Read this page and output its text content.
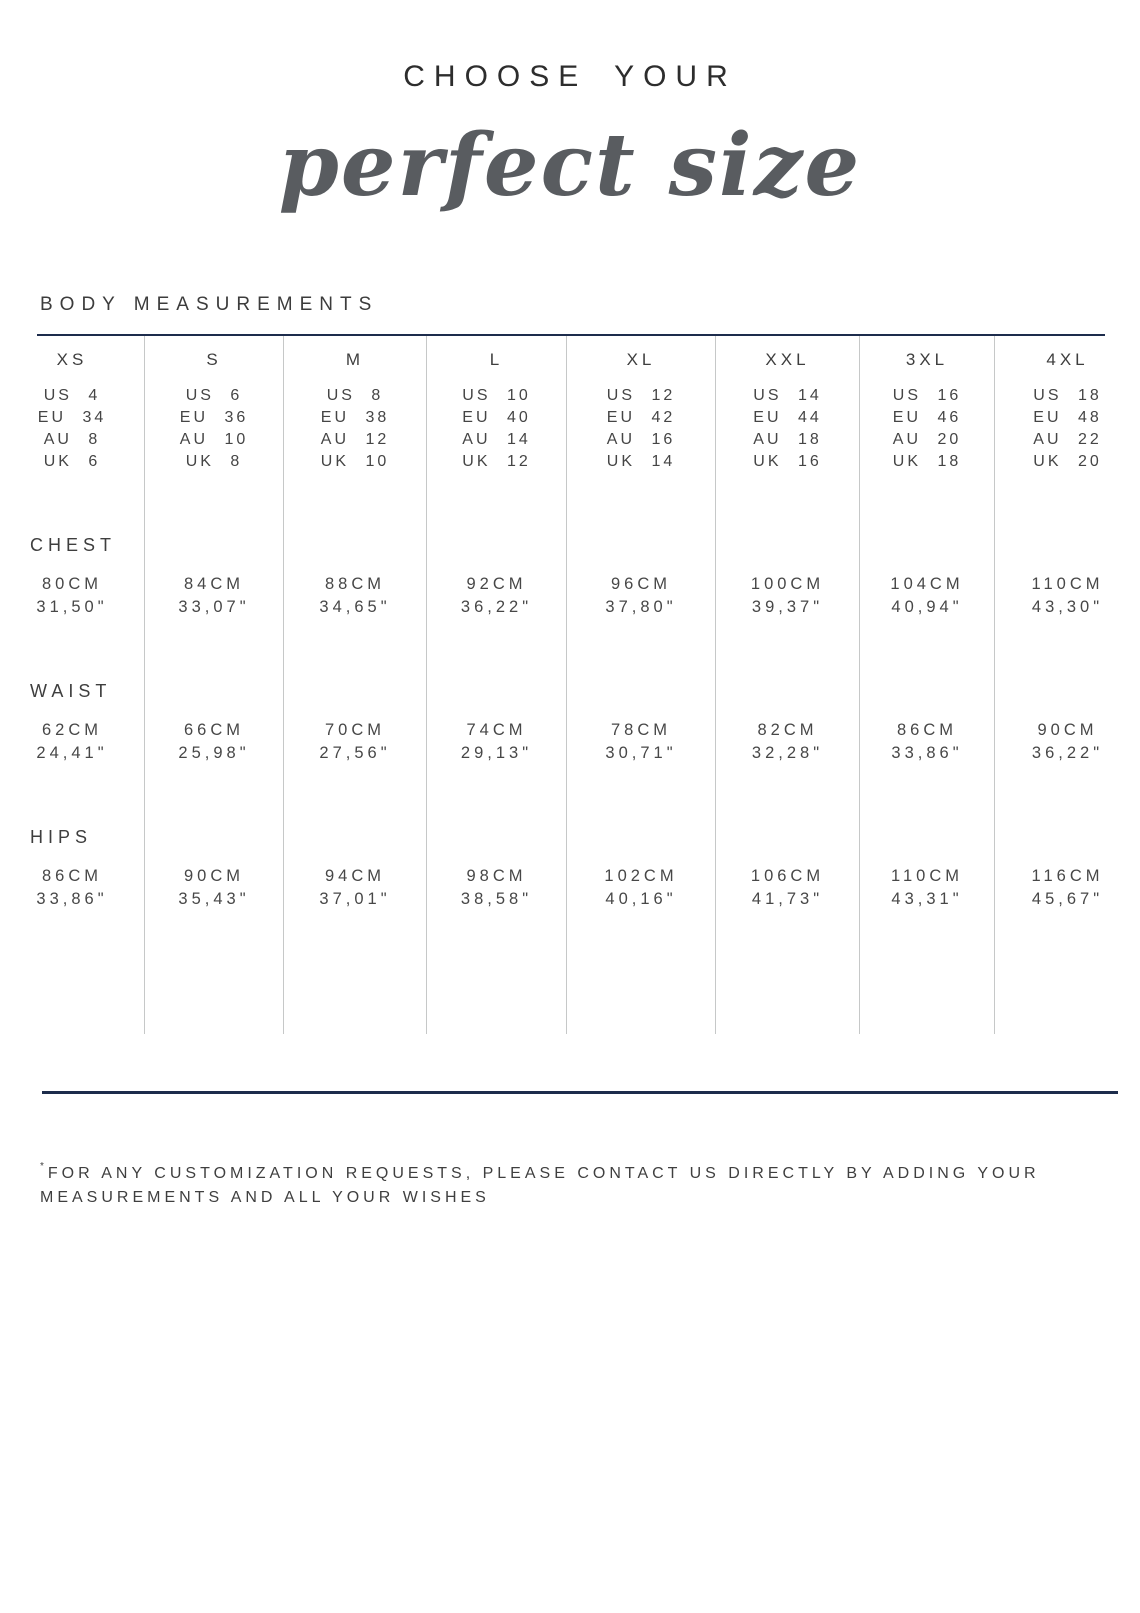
CHOOSE YOUR
perfect size
BODY MEASUREMENTS
XS
US 4
EU 34
AU 8
UK 6
CHEST
80CM
31,50"
WAIST
62CM
24,41"
HIPS
86CM
33,86"
S
US 6
EU 36
AU 10
UK 8
84CM
33,07"
66CM
25,98"
90CM
35,43"
M
US 8
EU 38
AU 12
UK 10
88CM
34,65"
70CM
27,56"
94CM
37,01"
L
US 10
EU 40
AU 14
UK 12
92CM
36,22"
74CM
29,13"
98CM
38,58"
XL
US 12
EU 42
AU 16
UK 14
96CM
37,80"
78CM
30,71"
102CM
40,16"
XXL
US 14
EU 44
AU 18
UK 16
100CM
39,37"
82CM
32,28"
106CM
41,73"
3XL
US 16
EU 46
AU 20
UK 18
104CM
40,94"
86CM
33,86"
110CM
43,31"
4XL
US 18
EU 48
AU 22
UK 20
110CM
43,30"
90CM
36,22"
116CM
45,67"
*FOR ANY CUSTOMIZATION REQUESTS, PLEASE CONTACT US DIRECTLY BY ADDING YOUR
MEASUREMENTS AND ALL YOUR WISHES
